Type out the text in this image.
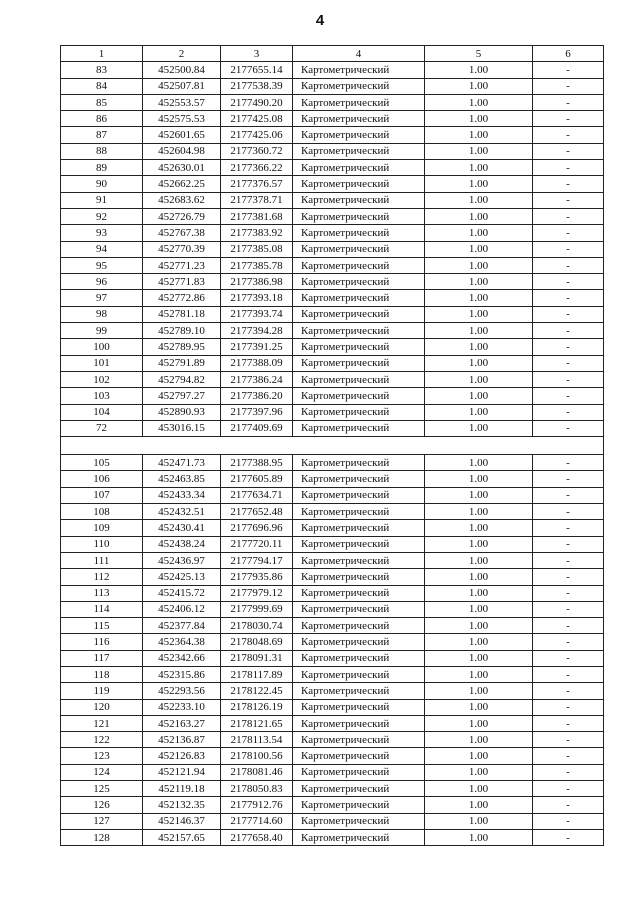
4
1	2	3	4	5	6
83	452500.84	2177655.14	Картометрический	1.00	-
84	452507.81	2177538.39	Картометрический	1.00	-
85	452553.57	2177490.20	Картометрический	1.00	-
86	452575.53	2177425.08	Картометрический	1.00	-
87	452601.65	2177425.06	Картометрический	1.00	-
88	452604.98	2177360.72	Картометрический	1.00	-
89	452630.01	2177366.22	Картометрический	1.00	-
90	452662.25	2177376.57	Картометрический	1.00	-
91	452683.62	2177378.71	Картометрический	1.00	-
92	452726.79	2177381.68	Картометрический	1.00	-
93	452767.38	2177383.92	Картометрический	1.00	-
94	452770.39	2177385.08	Картометрический	1.00	-
95	452771.23	2177385.78	Картометрический	1.00	-
96	452771.83	2177386.98	Картометрический	1.00	-
97	452772.86	2177393.18	Картометрический	1.00	-
98	452781.18	2177393.74	Картометрический	1.00	-
99	452789.10	2177394.28	Картометрический	1.00	-
100	452789.95	2177391.25	Картометрический	1.00	-
101	452791.89	2177388.09	Картометрический	1.00	-
102	452794.82	2177386.24	Картометрический	1.00	-
103	452797.27	2177386.20	Картометрический	1.00	-
104	452890.93	2177397.96	Картометрический	1.00	-
72	453016.15	2177409.69	Картометрический	1.00	-

105	452471.73	2177388.95	Картометрический	1.00	-
106	452463.85	2177605.89	Картометрический	1.00	-
107	452433.34	2177634.71	Картометрический	1.00	-
108	452432.51	2177652.48	Картометрический	1.00	-
109	452430.41	2177696.96	Картометрический	1.00	-
110	452438.24	2177720.11	Картометрический	1.00	-
111	452436.97	2177794.17	Картометрический	1.00	-
112	452425.13	2177935.86	Картометрический	1.00	-
113	452415.72	2177979.12	Картометрический	1.00	-
114	452406.12	2177999.69	Картометрический	1.00	-
115	452377.84	2178030.74	Картометрический	1.00	-
116	452364.38	2178048.69	Картометрический	1.00	-
117	452342.66	2178091.31	Картометрический	1.00	-
118	452315.86	2178117.89	Картометрический	1.00	-
119	452293.56	2178122.45	Картометрический	1.00	-
120	452233.10	2178126.19	Картометрический	1.00	-
121	452163.27	2178121.65	Картометрический	1.00	-
122	452136.87	2178113.54	Картометрический	1.00	-
123	452126.83	2178100.56	Картометрический	1.00	-
124	452121.94	2178081.46	Картометрический	1.00	-
125	452119.18	2178050.83	Картометрический	1.00	-
126	452132.35	2177912.76	Картометрический	1.00	-
127	452146.37	2177714.60	Картометрический	1.00	-
128	452157.65	2177658.40	Картометрический	1.00	-
